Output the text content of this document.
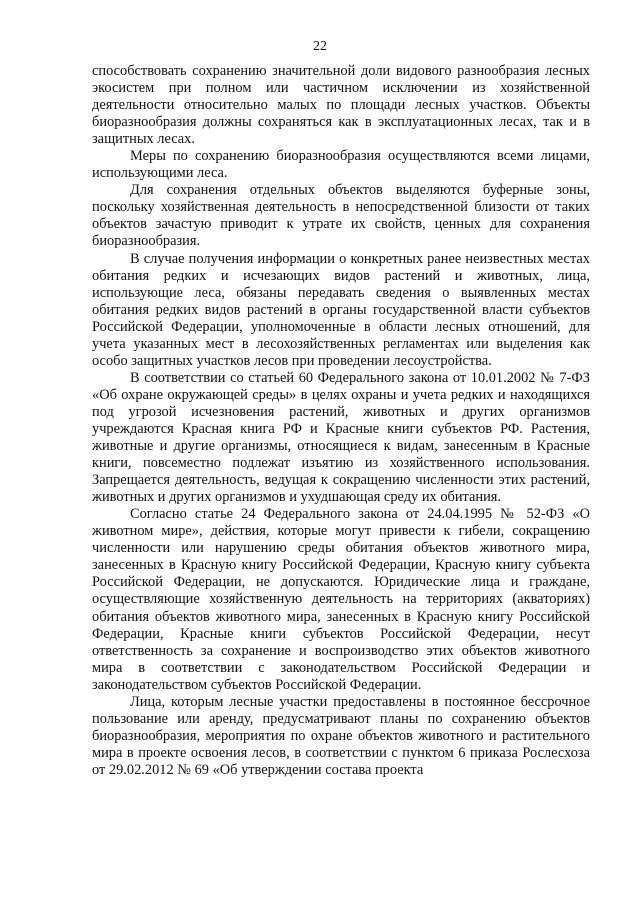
22

способствовать сохранению значительной доли видового разнообразия лесных экосистем при полном или частичном исключении из хозяйственной деятельности относительно малых по площади лесных участков. Объекты биоразнообразия должны сохраняться как в эксплуатационных лесах, так и в защитных лесах.

Меры по сохранению биоразнообразия осуществляются всеми лицами, использующими леса.

Для сохранения отдельных объектов выделяются буферные зоны, поскольку хозяйственная деятельность в непосредственной близости от таких объектов зачастую приводит к утрате их свойств, ценных для сохранения биоразнообразия.

В случае получения информации о конкретных ранее неизвестных местах обитания редких и исчезающих видов растений и животных, лица, использующие леса, обязаны передавать сведения о выявленных местах обитания редких видов растений в органы государственной власти субъектов Российской Федерации, уполномоченные в области лесных отношений, для учета указанных мест в лесохозяйственных регламентах или выделения как особо защитных участков лесов при проведении лесоустройства.

В соответствии со статьей 60 Федерального закона от 10.01.2002 № 7-ФЗ «Об охране окружающей среды» в целях охраны и учета редких и находящихся под угрозой исчезновения растений, животных и других организмов учреждаются Красная книга РФ и Красные книги субъектов РФ. Растения, животные и другие организмы, относящиеся к видам, занесенным в Красные книги, повсеместно подлежат изъятию из хозяйственного использования. Запрещается деятельность, ведущая к сокращению численности этих растений, животных и других организмов и ухудшающая среду их обитания.

Согласно статье 24 Федерального закона от 24.04.1995 № 52-ФЗ «О животном мире», действия, которые могут привести к гибели, сокращению численности или нарушению среды обитания объектов животного мира, занесенных в Красную книгу Российской Федерации, Красную книгу субъекта Российской Федерации, не допускаются. Юридические лица и граждане, осуществляющие хозяйственную деятельность на территориях (акваториях) обитания объектов животного мира, занесенных в Красную книгу Российской Федерации, Красные книги субъектов Российской Федерации, несут ответственность за сохранение и воспроизводство этих объектов животного мира в соответствии с законодательством Российской Федерации и законодательством субъектов Российской Федерации.

Лица, которым лесные участки предоставлены в постоянное бессрочное пользование или аренду, предусматривают планы по сохранению объектов биоразнообразия, мероприятия по охране объектов животного и растительного мира в проекте освоения лесов, в соответствии с пунктом 6 приказа Рослесхоза от 29.02.2012 № 69 «Об утверждении состава проекта
